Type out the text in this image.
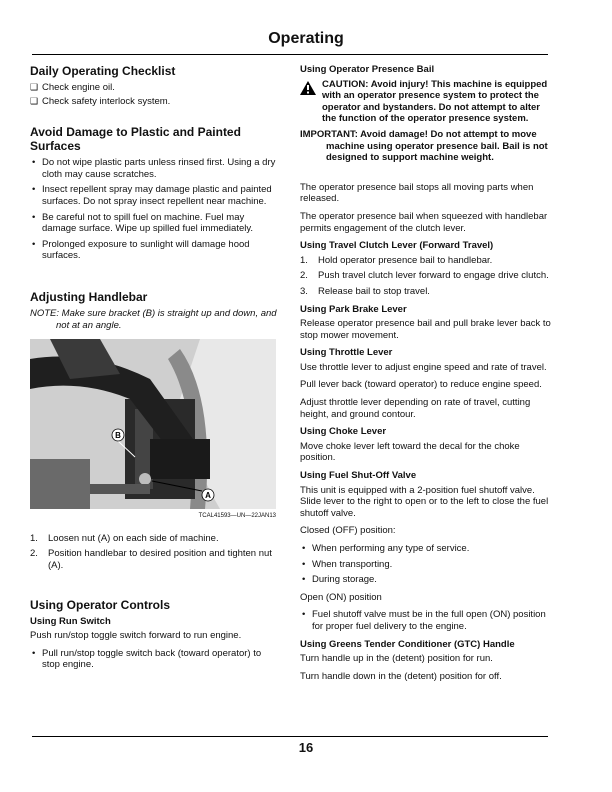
Operating
Daily Operating Checklist
❑ Check engine oil.
❑ Check safety interlock system.
Avoid Damage to Plastic and Painted Surfaces
• Do not wipe plastic parts unless rinsed first. Using a dry cloth may cause scratches.
• Insect repellent spray may damage plastic and painted surfaces. Do not spray insect repellent near machine.
• Be careful not to spill fuel on machine. Fuel may damage surface. Wipe up spilled fuel immediately.
• Prolonged exposure to sunlight will damage hood surfaces.
Adjusting Handlebar

NOTE: Make sure bracket (B) is straight up and down, and not at an angle.

B
A
TCAL41593—UN—22JAN13
1. Loosen nut (A) on each side of machine.
2. Position handlebar to desired position and tighten nut (A).
Using Operator Controls
Using Run Switch

Push run/stop toggle switch forward to run engine.

• Pull run/stop toggle switch back (toward operator) to stop engine.
Using Operator Presence Bail
CAUTION: Avoid injury! This machine is equipped with an operator presence system to protect the operator and bystanders. Do not attempt to alter the function of the operator presence system.

IMPORTANT: Avoid damage! Do not attempt to move machine using operator presence bail. Bail is not designed to support machine weight.

The operator presence bail stops all moving parts when released.

The operator presence bail when squeezed with handlebar permits engagement of the clutch lever.

Using Travel Clutch Lever (Forward Travel)
1. Hold operator presence bail to handlebar.
2. Push travel clutch lever forward to engage drive clutch.
3. Release bail to stop travel.
Using Park Brake Lever

Release operator presence bail and pull brake lever back to stop mower movement.

Using Throttle Lever

Use throttle lever to adjust engine speed and rate of travel.

Pull lever back (toward operator) to reduce engine speed.

Adjust throttle lever depending on rate of travel, cutting height, and ground contour.

Using Choke Lever

Move choke lever left toward the decal for the choke position.

Using Fuel Shut-Off Valve

This unit is equipped with a 2-position fuel shutoff valve. Slide lever to the right to open or to the left to close the fuel shutoff valve.

Closed (OFF) position:

• When performing any type of service.
• When transporting.
• During storage.

Open (ON) position

• Fuel shutoff valve must be in the full open (ON) position for proper fuel delivery to the engine.
Using Greens Tender Conditioner (GTC) Handle

Turn handle up in the (detent) position for run.

Turn handle down in the (detent) position for off.

16
